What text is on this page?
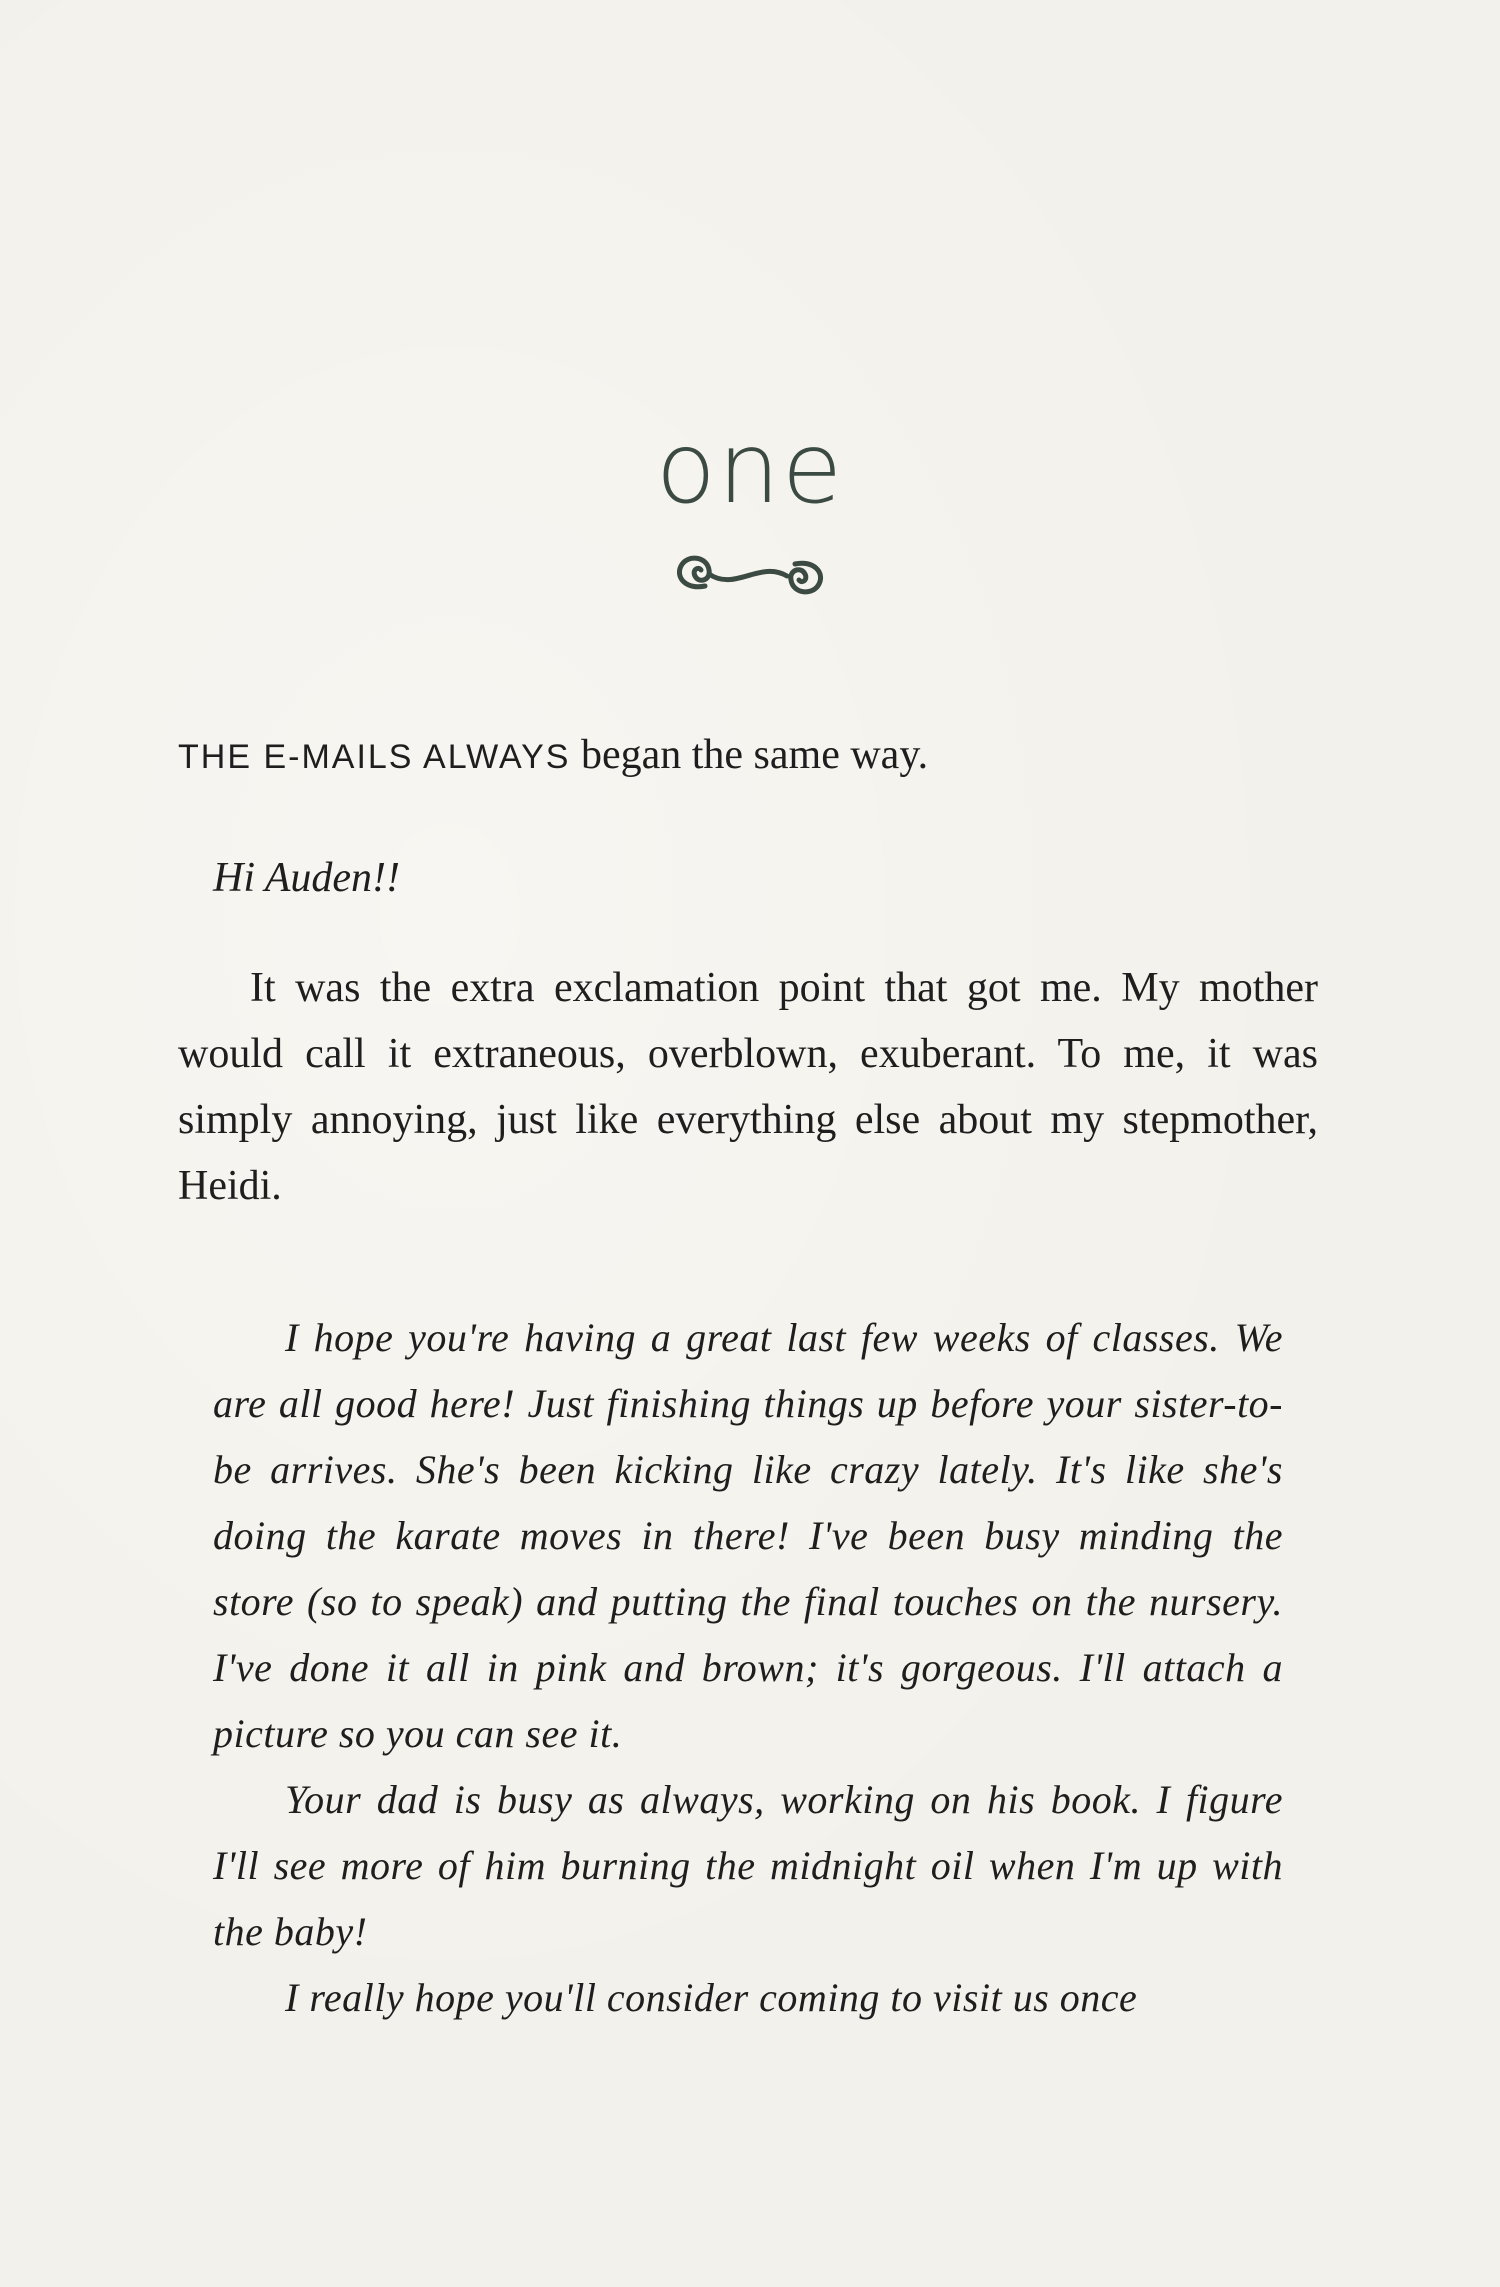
one

THE E-MAILS ALWAYS began the same way.

Hi Auden!!

It was the extra exclamation point that got me. My mother would call it extraneous, overblown, exuberant. To me, it was simply annoying, just like everything else about my stepmother, Heidi.

I hope you're having a great last few weeks of classes. We are all good here! Just finishing things up before your sister-to-be arrives. She's been kicking like crazy lately. It's like she's doing the karate moves in there! I've been busy minding the store (so to speak) and putting the final touches on the nursery. I've done it all in pink and brown; it's gorgeous. I'll attach a picture so you can see it.

Your dad is busy as always, working on his book. I figure I'll see more of him burning the midnight oil when I'm up with the baby!

I really hope you'll consider coming to visit us once
